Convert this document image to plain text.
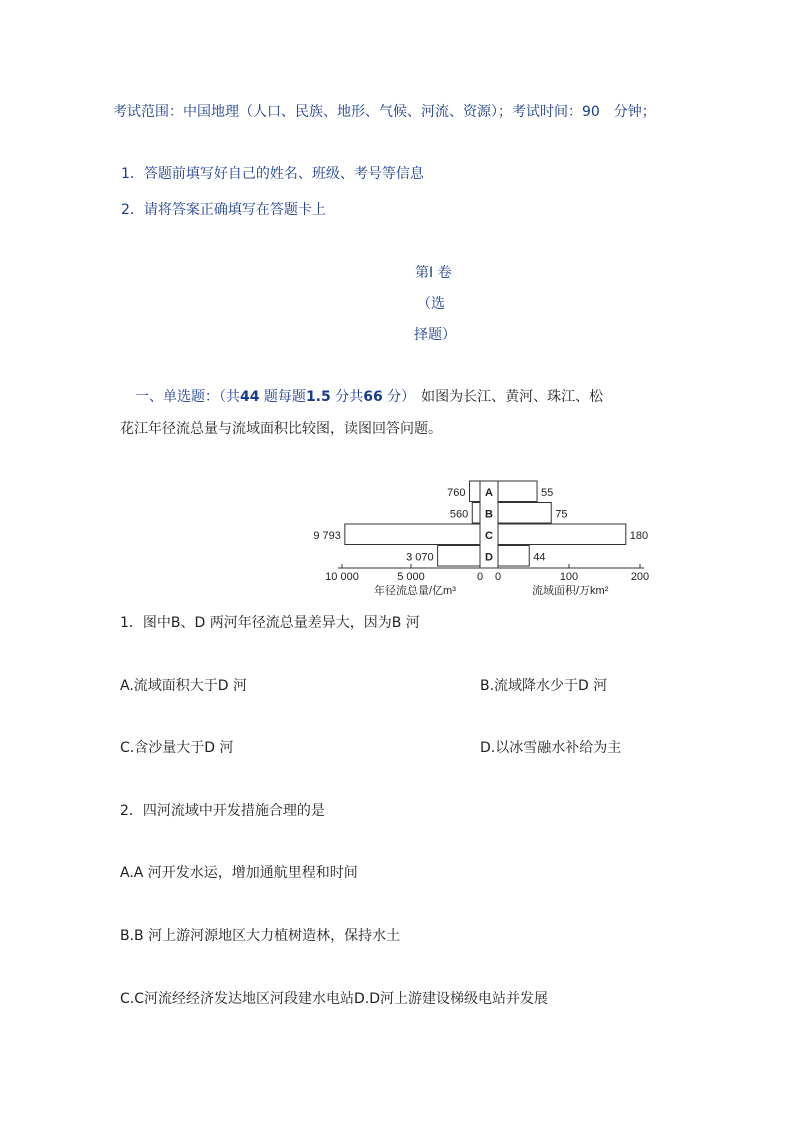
考试范围：中国地理（人口、民族、地形、气候、河流、资源）；考试时间：90　分钟；
1．答题前填写好自己的姓名、班级、考号等信息
2．请将答案正确填写在答题卡上
第Ⅰ 卷
（选
择题）
一、单选题：（共44 题每题1.5 分共66 分） 如图为长江、黄河、珠江、松
花江年径流总量与流域面积比较图，读图回答问题。
760
560
9 793
3 070
55
75
180
44
A
B
C
D
10 000	5 000	0 0	100	200
年径流总量/亿m³	流域面积/万km²
1．图中B、D 两河年径流总量差异大，因为B 河
A.流域面积大于D 河	B.流域降水少于D 河
C.含沙量大于D 河	D.以冰雪融水补给为主
2．四河流域中开发措施合理的是
A.A 河开发水运，增加通航里程和时间
B.B 河上游河源地区大力植树造林，保持水土
C.C河流经经济发达地区河段建水电站D.D河上游建设梯级电站并发展
